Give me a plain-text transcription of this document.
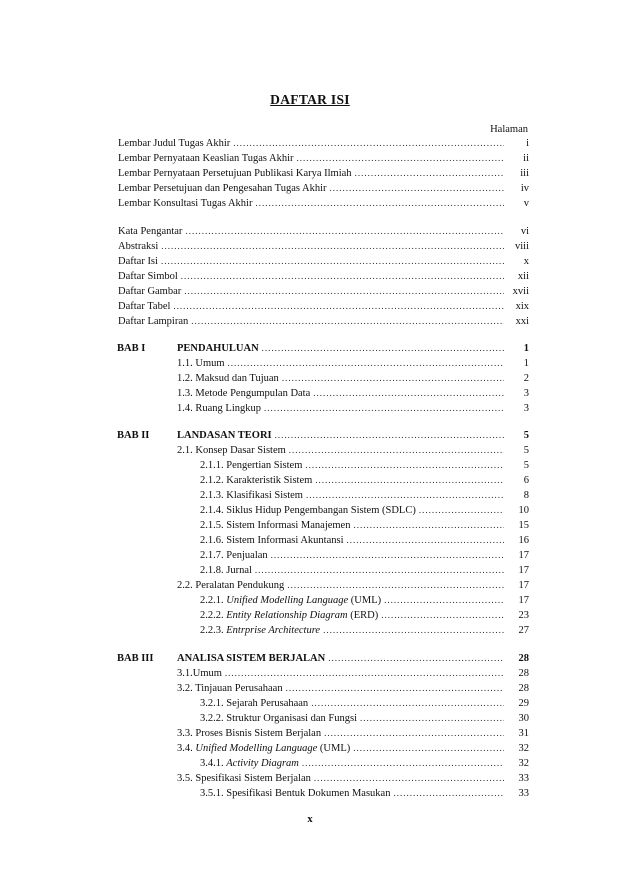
DAFTAR ISI
Halaman
Lembar Judul Tugas Akhir .....	i
Lembar Pernyataan Keaslian Tugas Akhir .....	ii
Lembar Pernyataan Persetujuan Publikasi Karya Ilmiah .....	iii
Lembar Persetujuan dan Pengesahan Tugas Akhir .....	iv
Lembar Konsultasi Tugas Akhir .....	v
Kata Pengantar .....	vi
Abstraksi .....	viii
Daftar Isi .....	x
Daftar Simbol .....	xii
Daftar Gambar .....	xvii
Daftar Tabel .....	xix
Daftar Lampiran .....	xxi
BAB I	PENDAHULUAN .....	1
1.1. Umum .....	1
1.2. Maksud dan Tujuan .....	2
1.3. Metode Pengumpulan Data .....	3
1.4. Ruang Lingkup .....	3
BAB II	LANDASAN TEORI .....	5
2.1. Konsep Dasar Sistem .....	5
2.1.1. Pengertian Sistem .....	5
2.1.2. Karakteristik Sistem .....	6
2.1.3. Klasifikasi Sistem .....	8
2.1.4. Siklus Hidup Pengembangan Sistem (SDLC) .....	10
2.1.5. Sistem Informasi Manajemen .....	15
2.1.6. Sistem Informasi Akuntansi .....	16
2.1.7. Penjualan .....	17
2.1.8. Jurnal .....	17
2.2. Peralatan Pendukung .....	17
2.2.1. Unified Modelling Language (UML) .....	17
2.2.2. Entity Relationship Diagram (ERD) .....	23
2.2.3. Entrprise Architecture .....	27
BAB III	ANALISA SISTEM BERJALAN .....	28
3.1.Umum .....	28
3.2. Tinjauan Perusahaan .....	28
3.2.1. Sejarah Perusahaan .....	29
3.2.2. Struktur Organisasi dan Fungsi .....	30
3.3. Proses Bisnis Sistem Berjalan .....	31
3.4. Unified Modelling Language (UML) .....	32
3.4.1. Activity Diagram .....	32
3.5. Spesifikasi Sistem Berjalan .....	33
3.5.1. Spesifikasi Bentuk Dokumen Masukan .....	33
x
